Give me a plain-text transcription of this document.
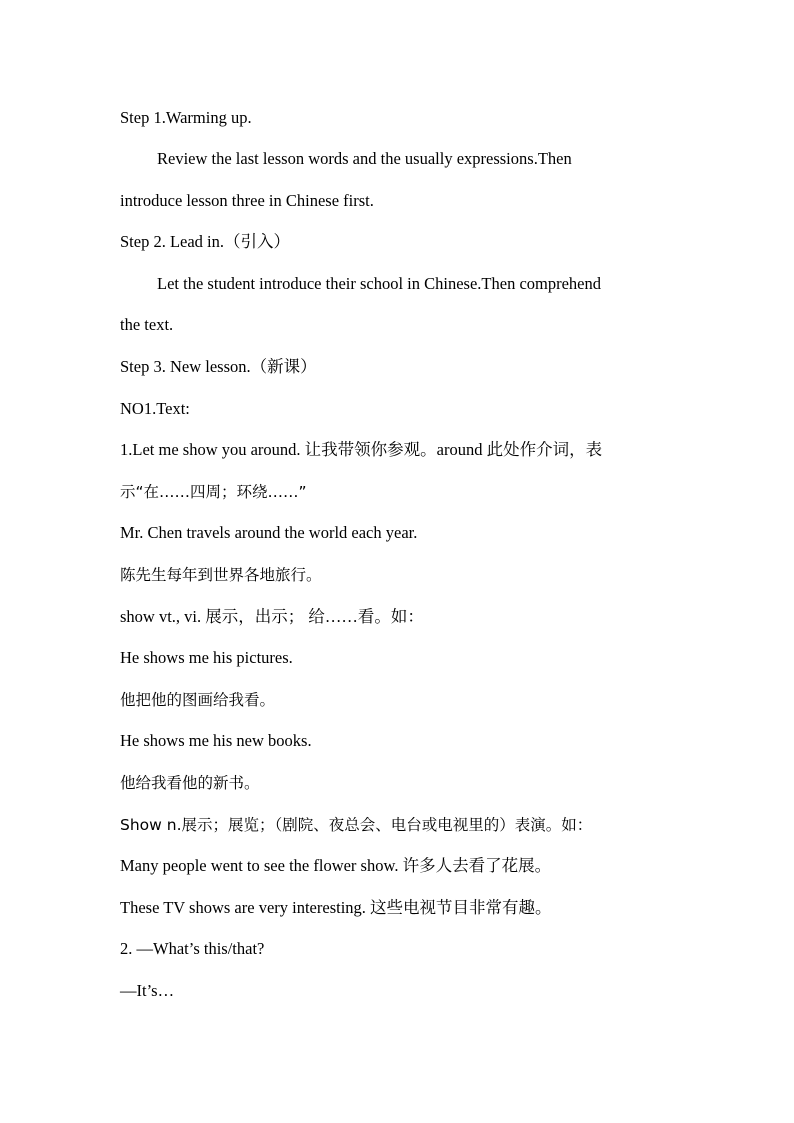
Step 1.Warming up.
Review the last lesson words and the usually expressions.Then
introduce lesson three in Chinese first.
Step 2. Lead in.（引入）
Let the student introduce their school in Chinese.Then comprehend
the text.
Step 3. New lesson.（新课）
NO1.Text:
1.Let me show you around. 让我带领你参观。around 此处作介词，表
示“在……四周；环绕……”
Mr. Chen travels around the world each year.
陈先生每年到世界各地旅行。
show vt., vi. 展示，出示； 给……看。如：
He shows me his pictures.
他把他的图画给我看。
He shows me his new books.
他给我看他的新书。
Show n.展示；展览；（剧院、夜总会、电台或电视里的）表演。如：
Many people went to see the flower show. 许多人去看了花展。
These TV shows are very interesting. 这些电视节目非常有趣。
2. —What’s this/that?
—It’s…
